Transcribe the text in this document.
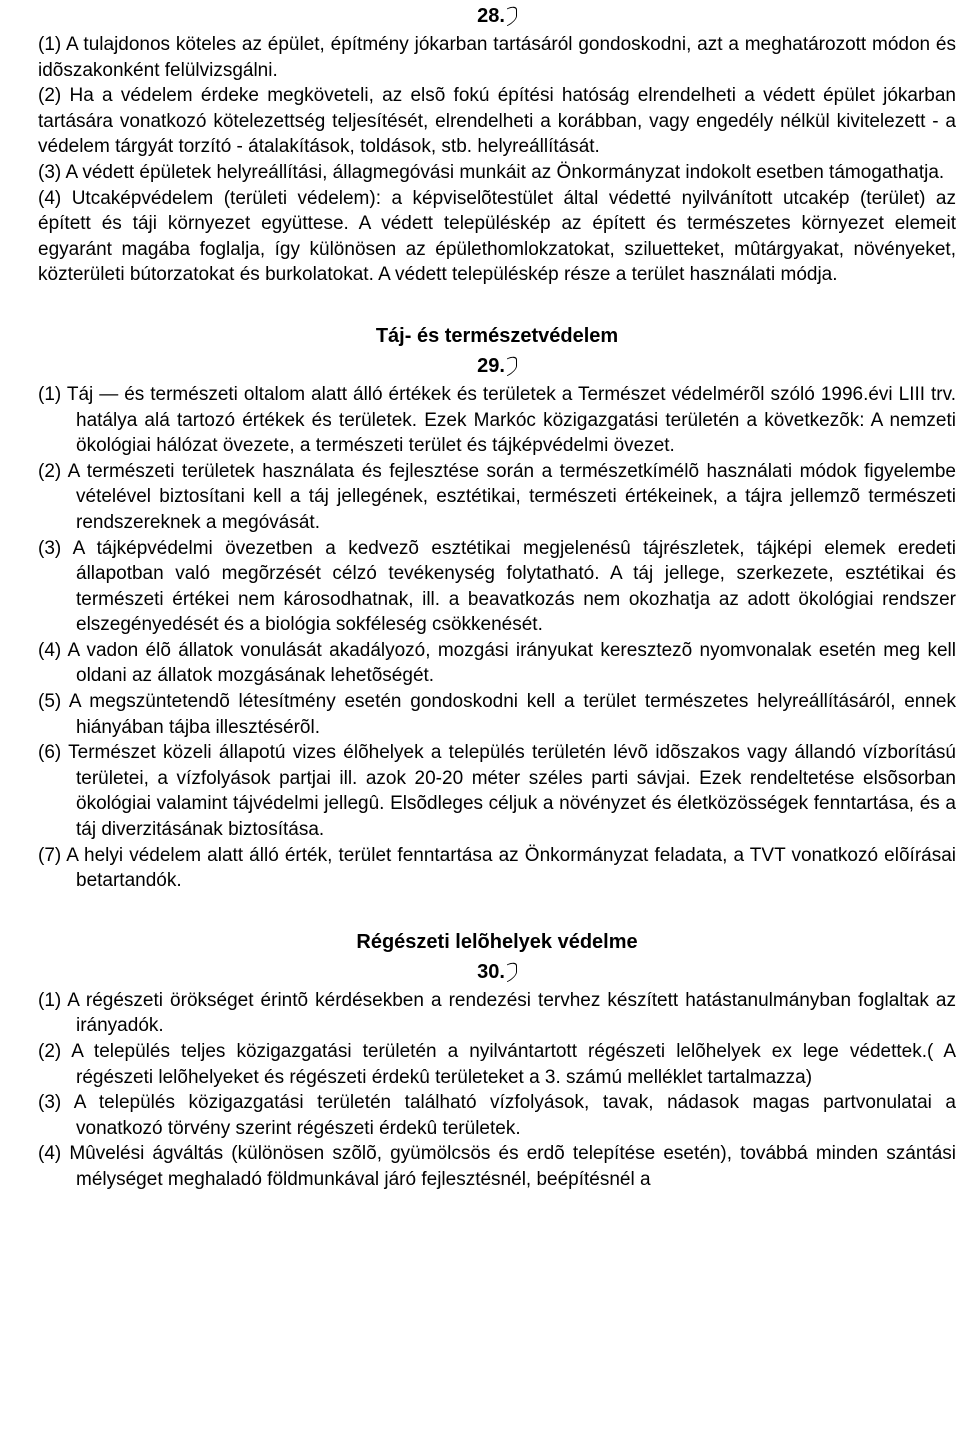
28.

(1) A tulajdonos köteles az épület, építmény jókarban tartásáról gondoskodni, azt a meghatározott módon és idõszakonként felülvizsgálni.

(2) Ha a védelem érdeke megköveteli, az elsõ fokú építési hatóság elrendelheti a védett épület jókarban tartására vonatkozó kötelezettség teljesítését, elrendelheti a korábban, vagy engedély nélkül kivitelezett - a védelem tárgyát torzító - átalakítások, toldások, stb. helyreállítását.

(3) A védett épületek helyreállítási, állagmegóvási munkáit az Önkormányzat indokolt esetben támogathatja.

(4) Utcaképvédelem (területi védelem): a képviselõtestület által védetté nyilvánított utcakép (terület) az épített és táji környezet együttese. A védett településkép az épített és természetes környezet elemeit egyaránt magába foglalja, így különösen az épülethomlokzatokat, sziluetteket, mûtárgyakat, növényeket, közterületi bútorzatokat és burkolatokat. A védett településkép része a terület használati módja.

Táj- és természetvédelem
29.

(1) Táj — és természeti oltalom alatt álló értékek és területek a Természet védelmérõl szóló 1996.évi LIII trv. hatálya alá tartozó értékek és területek. Ezek Markóc közigazgatási területén a következõk: A nemzeti ökológiai hálózat övezete, a természeti terület és tájképvédelmi övezet.

(2) A természeti területek használata és fejlesztése során a természetkímélõ használati módok figyelembe vételével biztosítani kell a táj jellegének, esztétikai, természeti értékeinek, a tájra jellemzõ természeti rendszereknek a megóvását.

(3) A tájképvédelmi övezetben a kedvezõ esztétikai megjelenésû tájrészletek, tájképi elemek eredeti állapotban való megõrzését célzó tevékenység folytatható. A táj jellege, szerkezete, esztétikai és természeti értékei nem károsodhatnak, ill. a beavatkozás nem okozhatja az adott ökológiai rendszer elszegényedését és a biológia sokféleség csökkenését.

(4) A vadon élõ állatok vonulását akadályozó, mozgási irányukat keresztezõ nyomvonalak esetén meg kell oldani az állatok mozgásának lehetõségét.

(5) A megszüntetendõ létesítmény esetén gondoskodni kell a terület természetes helyreállításáról, ennek hiányában tájba illesztésérõl.

(6) Természet közeli állapotú vizes élõhelyek a település területén lévõ idõszakos vagy állandó vízborítású területei, a vízfolyások partjai ill. azok 20-20 méter széles parti sávjai. Ezek rendeltetése elsõsorban ökológiai valamint tájvédelmi jellegû. Elsõdleges céljuk a növényzet és életközösségek fenntartása, és a táj diverzitásának biztosítása.

(7) A helyi védelem alatt álló érték, terület fenntartása az Önkormányzat feladata, a TVT vonatkozó elõírásai betartandók.

Régészeti lelõhelyek védelme
30.

(1) A régészeti örökséget érintõ kérdésekben a rendezési tervhez készített hatástanulmányban foglaltak az irányadók.

(2) A település teljes közigazgatási területén a nyilvántartott régészeti lelõhelyek ex lege védettek.( A régészeti lelõhelyeket és régészeti érdekû területeket a 3. számú melléklet tartalmazza)

(3) A település közigazgatási területén található vízfolyások, tavak, nádasok magas partvonulatai a vonatkozó törvény szerint régészeti érdekû területek.

(4) Mûvelési ágváltás (különösen szõlõ, gyümölcsös és erdõ telepítése esetén), továbbá minden szántási mélységet meghaladó földmunkával járó fejlesztésnél, beépítésnél a
